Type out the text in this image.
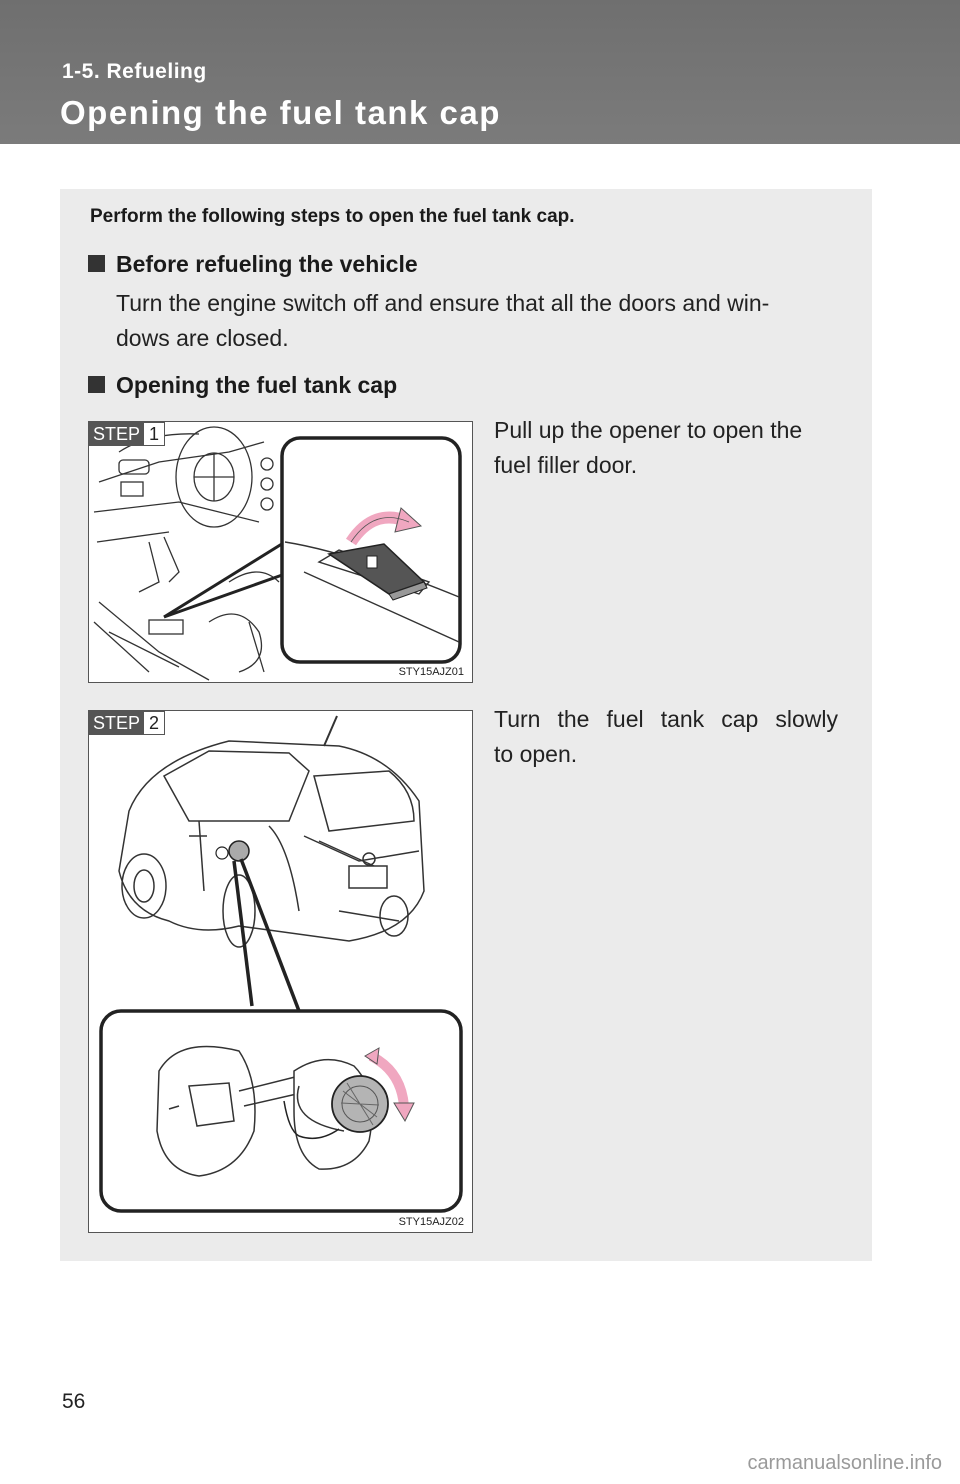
1-5. Refueling
Opening the fuel tank cap
Perform the following steps to open the fuel tank cap.
Before refueling the vehicle
Turn the engine switch off and ensure that all the doors and win-
dows are closed.
Opening the fuel tank cap
STEP 1
STY15AJZ01
Pull up the opener to open the
fuel filler door.
STEP 2
STY15AJZ02
Turn the fuel tank cap slowly
to open.
56
carmanualsonline.info
